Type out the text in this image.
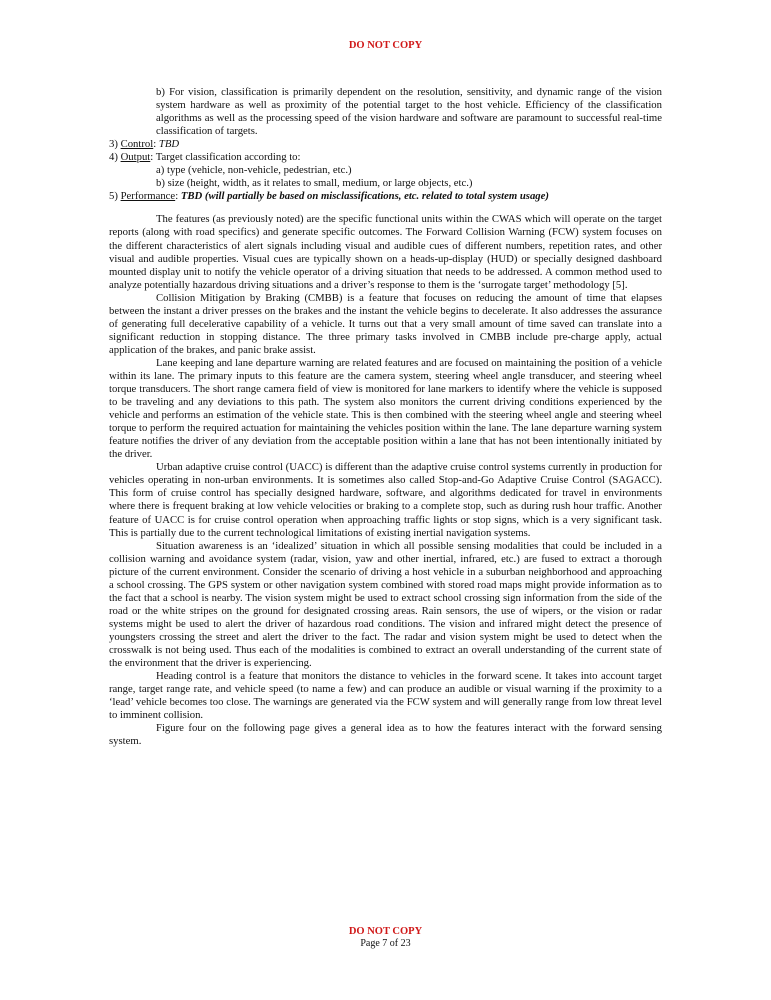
DO NOT COPY

b) For vision, classification is primarily dependent on the resolution, sensitivity, and dynamic range of the vision system hardware as well as proximity of the potential target to the host vehicle. Efficiency of the classification algorithms as well as the processing speed of the vision hardware and software are paramount to successful real-time classification of targets.

3) Control: TBD

4) Output: Target classification according to:

a) type (vehicle, non-vehicle, pedestrian, etc.)

b) size (height, width, as it relates to small, medium, or large objects, etc.)

5) Performance: TBD (will partially be based on misclassifications, etc. related to total system usage)

The features (as previously noted) are the specific functional units within the CWAS which will operate on the target reports (along with road specifics) and generate specific outcomes. The Forward Collision Warning (FCW) system focuses on the different characteristics of alert signals including visual and audible cues of different numbers, repetition rates, and other visual and audible properties. Visual cues are typically shown on a heads-up-display (HUD) or specially designed dashboard mounted display unit to notify the vehicle operator of a driving situation that needs to be addressed. A common method used to analyze potentially hazardous driving situations and a driver’s response to them is the ‘surrogate target’ methodology [5].

Collision Mitigation by Braking (CMBB) is a feature that focuses on reducing the amount of time that elapses between the instant a driver presses on the brakes and the instant the vehicle begins to decelerate. It also addresses the assurance of generating full decelerative capability of a vehicle. It turns out that a very small amount of time saved can translate into a significant reduction in stopping distance. The three primary tasks involved in CMBB include pre-charge apply, actual application of the brakes, and panic brake assist.

Lane keeping and lane departure warning are related features and are focused on maintaining the position of a vehicle within its lane. The primary inputs to this feature are the camera system, steering wheel angle transducer, and steering wheel torque transducers. The short range camera field of view is monitored for lane markers to identify where the vehicle is supposed to be traveling and any deviations to this path. The system also monitors the current driving conditions experienced by the vehicle and performs an estimation of the vehicle state. This is then combined with the steering wheel angle and steering wheel torque to perform the required actuation for maintaining the vehicles position within the lane. The lane departure warning system feature notifies the driver of any deviation from the acceptable position within a lane that has not been intentionally initiated by the driver.

Urban adaptive cruise control (UACC) is different than the adaptive cruise control systems currently in production for vehicles operating in non-urban environments. It is sometimes also called Stop-and-Go Adaptive Cruise Control (SAGACC). This form of cruise control has specially designed hardware, software, and algorithms dedicated for travel in environments where there is frequent braking at low vehicle velocities or braking to a complete stop, such as during rush hour traffic. Another feature of UACC is for cruise control operation when approaching traffic lights or stop signs, which is a very significant task. This is partially due to the current technological limitations of existing inertial navigation systems.

Situation awareness is an ‘idealized’ situation in which all possible sensing modalities that could be included in a collision warning and avoidance system (radar, vision, yaw and other inertial, infrared, etc.) are fused to extract a thorough picture of the current environment. Consider the scenario of driving a host vehicle in a suburban neighborhood and approaching a school crossing. The GPS system or other navigation system combined with stored road maps might provide information as to the fact that a school is nearby. The vision system might be used to extract school crossing sign information from the side of the road or the white stripes on the ground for designated crossing areas. Rain sensors, the use of wipers, or the vision or radar systems might be used to alert the driver of hazardous road conditions. The vision and infrared might detect the presence of youngsters crossing the street and alert the driver to the fact. The radar and vision system might be used to detect when the crosswalk is not being used. Thus each of the modalities is combined to extract an overall understanding of the current state of the environment that the driver is experiencing.

Heading control is a feature that monitors the distance to vehicles in the forward scene. It takes into account target range, target range rate, and vehicle speed (to name a few) and can produce an audible or visual warning if the proximity to a ‘lead’ vehicle becomes too close. The warnings are generated via the FCW system and will generally range from low threat level to imminent collision.

Figure four on the following page gives a general idea as to how the features interact with the forward sensing system.

DO NOT COPY
Page 7 of 23
